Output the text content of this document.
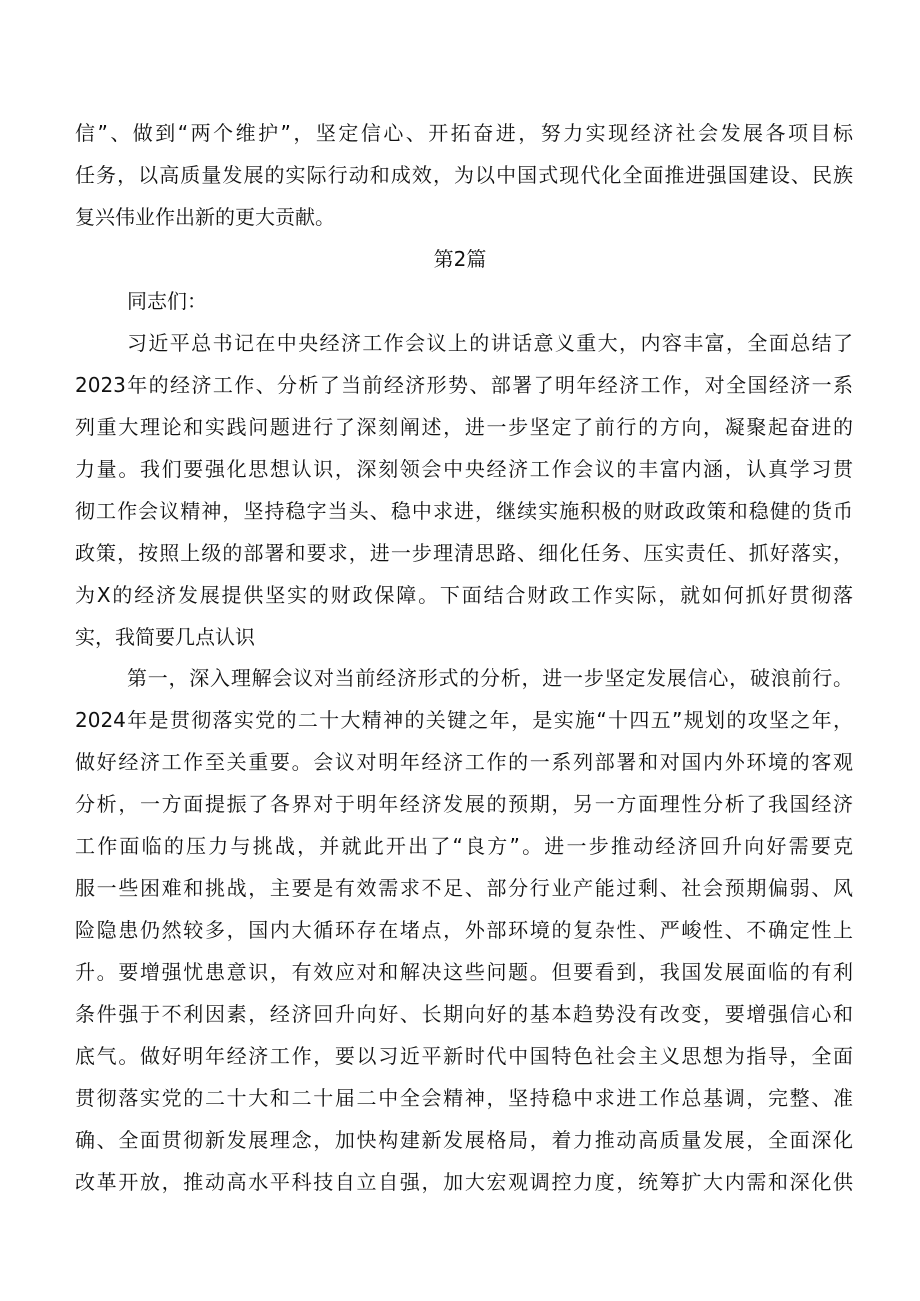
信”、做到“两个维护”，坚定信心、开拓奋进，努力实现经济社会发展各项目标
任务，以高质量发展的实际行动和成效，为以中国式现代化全面推进强国建设、民族
复兴伟业作出新的更大贡献。
第2篇
同志们：
习近平总书记在中央经济工作会议上的讲话意义重大，内容丰富，全面总结了
2023年的经济工作、分析了当前经济形势、部署了明年经济工作，对全国经济一系
列重大理论和实践问题进行了深刻阐述，进一步坚定了前行的方向，凝聚起奋进的
力量。我们要强化思想认识，深刻领会中央经济工作会议的丰富内涵，认真学习贯
彻工作会议精神，坚持稳字当头、稳中求进，继续实施积极的财政政策和稳健的货币
政策，按照上级的部署和要求，进一步理清思路、细化任务、压实责任、抓好落实，
为X的经济发展提供坚实的财政保障。下面结合财政工作实际，就如何抓好贯彻落
实，我简要几点认识
第一，深入理解会议对当前经济形式的分析，进一步坚定发展信心，破浪前行。
2024年是贯彻落实党的二十大精神的关键之年，是实施“十四五”规划的攻坚之年，
做好经济工作至关重要。会议对明年经济工作的一系列部署和对国内外环境的客观
分析，一方面提振了各界对于明年经济发展的预期，另一方面理性分析了我国经济
工作面临的压力与挑战，并就此开出了“良方”。进一步推动经济回升向好需要克
服一些困难和挑战，主要是有效需求不足、部分行业产能过剩、社会预期偏弱、风
险隐患仍然较多，国内大循环存在堵点，外部环境的复杂性、严峻性、不确定性上
升。要增强忧患意识，有效应对和解决这些问题。但要看到，我国发展面临的有利
条件强于不利因素，经济回升向好、长期向好的基本趋势没有改变，要增强信心和
底气。做好明年经济工作，要以习近平新时代中国特色社会主义思想为指导，全面
贯彻落实党的二十大和二十届二中全会精神，坚持稳中求进工作总基调，完整、准
确、全面贯彻新发展理念，加快构建新发展格局，着力推动高质量发展，全面深化
改革开放，推动高水平科技自立自强，加大宏观调控力度，统筹扩大内需和深化供
